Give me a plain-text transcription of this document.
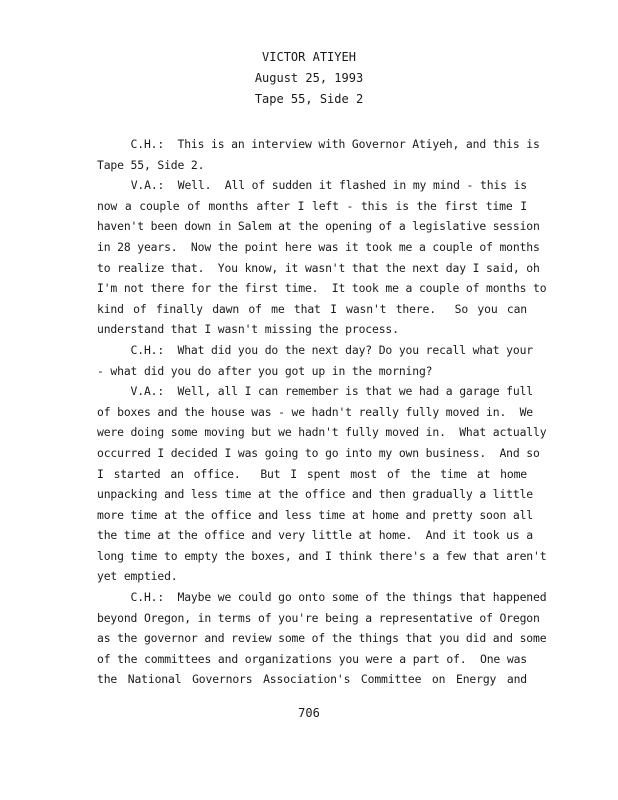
VICTOR ATIYEH
August 25, 1993
Tape 55, Side 2
C.H.:  This is an interview with Governor Atiyeh, and this is
Tape 55, Side 2.
V.A.:  Well.  All of sudden it flashed in my mind - this is
now a couple of months after I left - this is the first time I
haven't been down in Salem at the opening of a legislative session
in 28 years.  Now the point here was it took me a couple of months
to realize that.  You know, it wasn't that the next day I said, oh
I'm not there for the first time.  It took me a couple of months to
kind of finally dawn of me that I wasn't there.  So you can
understand that I wasn't missing the process.
C.H.:  What did you do the next day? Do you recall what your
- what did you do after you got up in the morning?
V.A.:  Well, all I can remember is that we had a garage full
of boxes and the house was - we hadn't really fully moved in.  We
were doing some moving but we hadn't fully moved in.  What actually
occurred I decided I was going to go into my own business.  And so
I started an office.  But I spent most of the time at home
unpacking and less time at the office and then gradually a little
more time at the office and less time at home and pretty soon all
the time at the office and very little at home.  And it took us a
long time to empty the boxes, and I think there's a few that aren't
yet emptied.
C.H.:  Maybe we could go onto some of the things that happened
beyond Oregon, in terms of you're being a representative of Oregon
as the governor and review some of the things that you did and some
of the committees and organizations you were a part of.  One was
the National Governors Association's Committee on Energy and
706
